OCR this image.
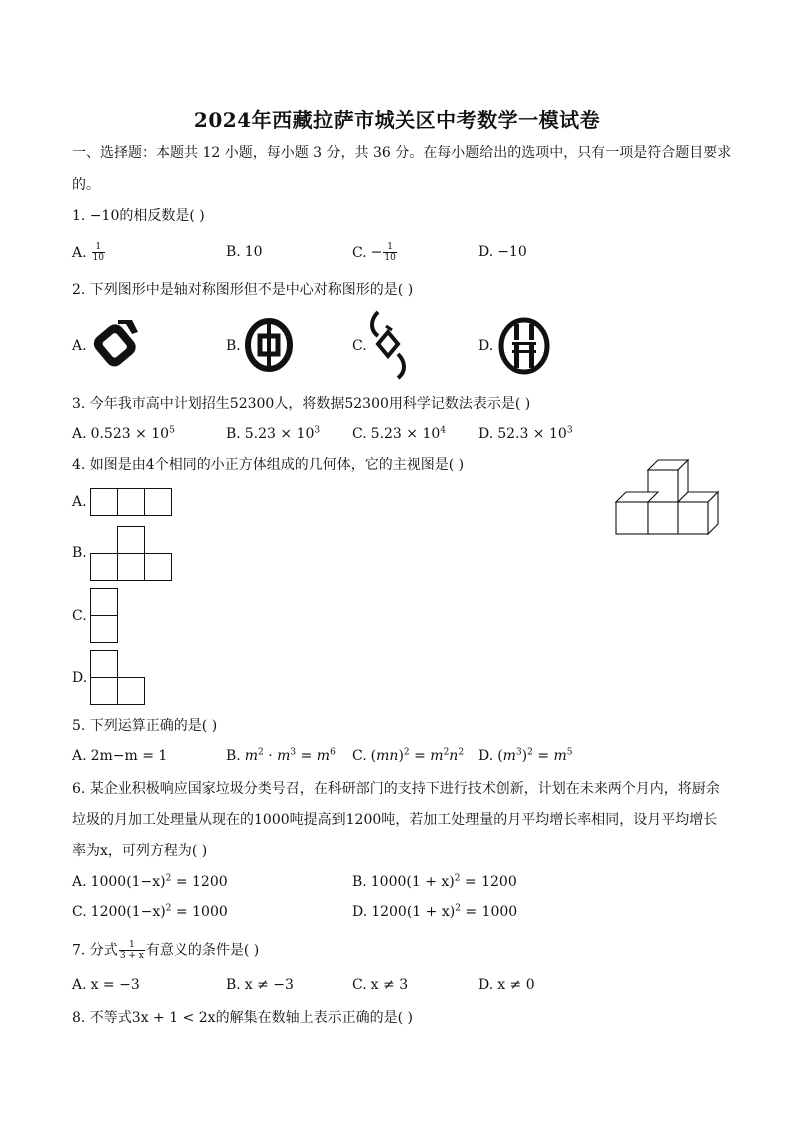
2024年西藏拉萨市城关区中考数学一模试卷
一、选择题：本题共 12 小题，每小题 3 分，共 36 分。在每小题给出的选项中，只有一项是符合题目要求
的。
1. −10的相反数是( )
A. $\frac{1}{10}$	B. 10	C. − $\frac{1}{10}$	D. −10
2. 下列图形中是轴对称图形但不是中心对称图形的是( )
A.	B.	C.	D.
3. 今年我市高中计划招生52300人，将数据52300用科学记数法表示是( )
A. $0.523 \times 10^5$	B. $5.23 \times 10^3$ C. $5.23 \times 10^4$ D. $52.3 \times 10^3$
4. 如图是由4个相同的小正方体组成的几何体，它的主视图是( )
A.
B.
C.
D.
5. 下列运算正确的是( )
A. 2m−m = 1	B. $m^2 \cdot m^3 = m^6$ C. $(mn)^2 = m^2n^2$ D. $(m^3)^2 = m^5$
6. 某企业积极响应国家垃圾分类号召，在科研部门的支持下进行技术创新，计划在未来两个月内，将厨余
垃圾的月加工处理量从现在的1000吨提高到1200吨，若加工处理量的月平均增长率相同，设月平均增长
率为x，可列方程为( )
A. $1000(1-x)^2 = 1200$	B. $1000(1 + x)^2 = 1200$
C. $1200(1-x)^2 = 1000$	D. $1200(1 + x)^2 = 1000$
7. 分式 $\frac{1}{3 + x}$ 有意义的条件是( )
A. x = −3	B. x ≠ −3	C. x ≠ 3	D. x ≠ 0
8. 不等式3x + 1 < 2x的解集在数轴上表示正确的是( )
